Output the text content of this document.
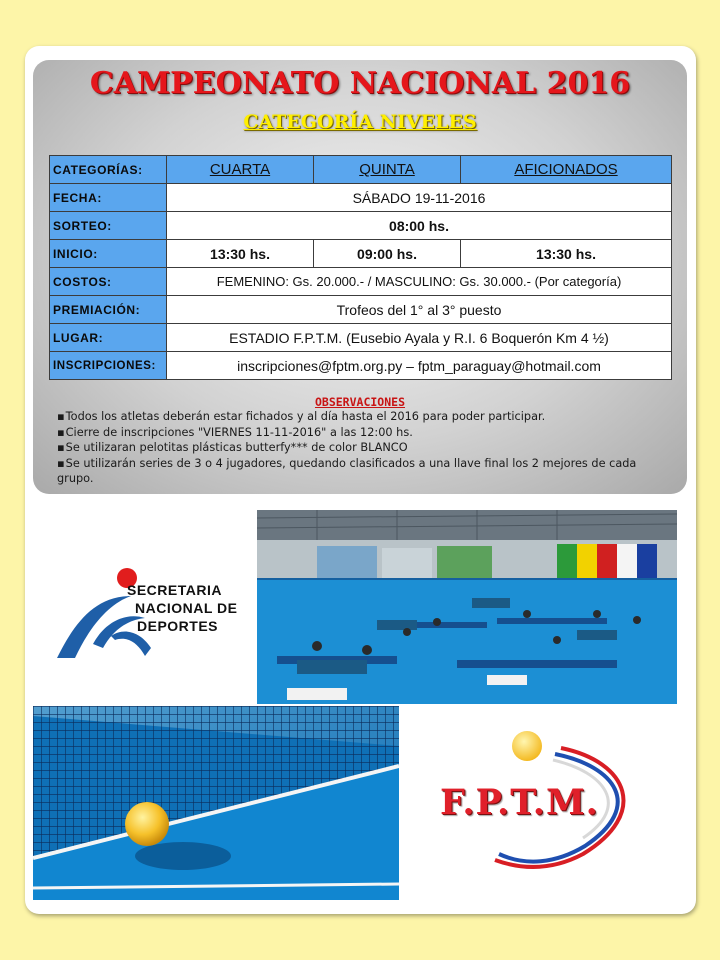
CAMPEONATO NACIONAL 2016
CATEGORÍA NIVELES
CATEGORÍAS:	CUARTA	QUINTA	AFICIONADOS
FECHA:	SÁBADO 19-11-2016		
SORTEO:	08:00 hs.		
INICIO:	13:30 hs.	09:00 hs.	13:30 hs.
COSTOS:	FEMENINO: Gs. 20.000.- / MASCULINO: Gs. 30.000.- (Por categoría)		
PREMIACIÓN:	Trofeos del 1° al 3° puesto		
LUGAR:	ESTADIO F.P.T.M. (Eusebio Ayala y R.I. 6 Boquerón Km 4 ½)		
INSCRIPCIONES:	inscripciones@fptm.org.py – fptm_paraguay@hotmail.com		
OBSERVACIONES
▪ Todos los atletas deberán estar fichados y al día hasta el 2016 para poder participar.
▪ Cierre de inscripciones "VIERNES 11-11-2016" a las 12:00 hs.
▪ Se utilizaran pelotitas plásticas butterfy*** de color BLANCO
▪ Se utilizarán series de 3 o 4 jugadores, quedando clasificados a una llave final los 2 mejores de cada grupo.
SECRETARIA
NACIONAL DE
DEPORTES
F.P.T.M.
